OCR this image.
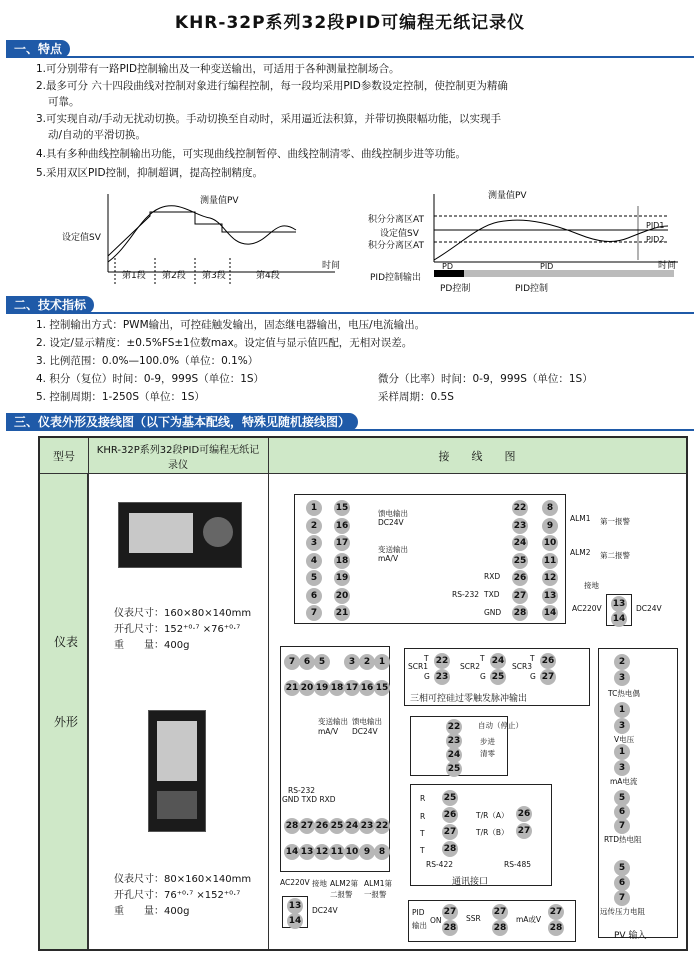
KHR-32P系列32段PID可编程无纸记录仪
一、特点
1.可分别带有一路PID控制输出及一种变送输出，可适用于各种测量控制场合。
2.最多可分 六十四段曲线对控制对象进行编程控制，每一段均采用PID参数设定控制，使控制更为精确
可靠。
3.可实现自动/手动无扰动切换。手动切换至自动时，采用逼近法积算，并带切换限幅功能，以实现手
动/自动的平滑切换。
4.具有多种曲线控制输出功能，可实现曲线控制暂停、曲线控制清零、曲线控制步进等功能。
5.采用双区PID控制，抑制超调，提高控制精度。
测量值PV
设定值SV
时间
第1段 第2段 第3段	第4段
测量值PV
积分分离区AT
设定值SV
积分分离区AT
PID1
PID2
时间
PID控制输出
PD	PID
PD控制	PID控制
二、技术指标
1. 控制输出方式：PWM输出，可控硅触发输出，固态继电器输出，电压/电流输出。
2. 设定/显示精度：±0.5%FS±1位数max。设定值与显示值匹配，无相对误差。
3. 比例范围：0.0%—100.0%（单位：0.1%）
4. 积分（复位）时间：0-9，999S（单位：1S）	微分（比率）时间：0-9，999S（单位：1S）
5. 控制周期：1-250S（单位：1S）	采样周期：0.5S
三、仪表外形及接线图（以下为基本配线，特殊见随机接线图）
型号	KHR-32P系列32段PID可编程无纸记录仪
接　　线　　图
仪表
外形
仪表尺寸：160×80×140mm
开孔尺寸：152⁺⁰·⁷ ×76⁺⁰·⁷
重　　量：400g
仪表尺寸：80×160×140mm
开孔尺寸：76⁺⁰·⁷ ×152⁺⁰·⁷
重　　量：400g
1
2
3
4
5
6
7
15
16
17
18
19
20
21
22
23
24
25
26
27
28
8
9
10
11
12
13
14
馈电输出
DC24V
变送输出
mA/V
ALM1 第一报警
ALM2 第二报警
接地
RXD
RS-232 TXD
GND	AC220V 13
14
DC24V
7 6 5	3 2 1
21 20 19 18 17 16 15
28 27 26 25 24 23 22
14 13 12 11 10 9 8
变送输出mA/V
馈电输出DC24V
RS-232
GND TXD RXD
AC220V 接地 ALM2第二报警
ALM1第一报警
13
14
DC24V
SCR1
T
G
22
23
SCR2
T
G
24
25
SCR3
T
G
26
27
三相可控硅过零触发脉冲输出
22
23
24
25
自动（停止）
步进
清零
25
26
27
28
R
R
T
T
26
27
T/R（A）
T/R（B）
RS-422	RS-485
通讯接口
PID
输出
ON
27
28
SSR
27
28
mA或V
27
28
2
3
TC热电偶
1
3
V电压
1
3
mA电流
5
6
7
RTD热电阻
5
6
7
远传压力电阻
PV 输入
